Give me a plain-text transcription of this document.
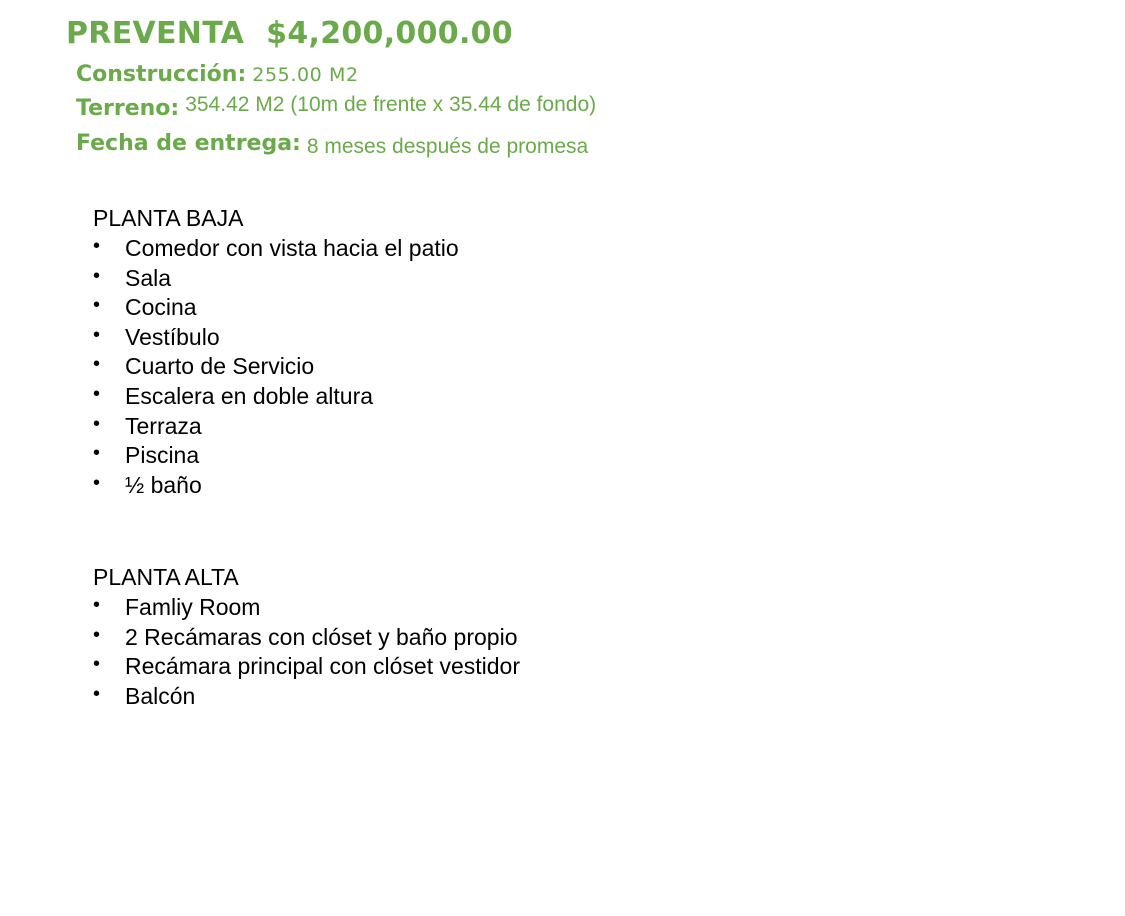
PREVENTA $4,200,000.00
Construcción: 255.00 M2
Terreno: 354.42 M2 (10m de frente x 35.44 de fondo)
Fecha de entrega: 8 meses después de promesa
PLANTA BAJA
• Comedor con vista hacia el patio
• Sala
• Cocina
• Vestíbulo
• Cuarto de Servicio
• Escalera en doble altura
• Terraza
• Piscina
• ½ baño
PLANTA ALTA
• Famliy Room
• 2 Recámaras con clóset y baño propio
• Recámara principal con clóset vestidor
• Balcón
